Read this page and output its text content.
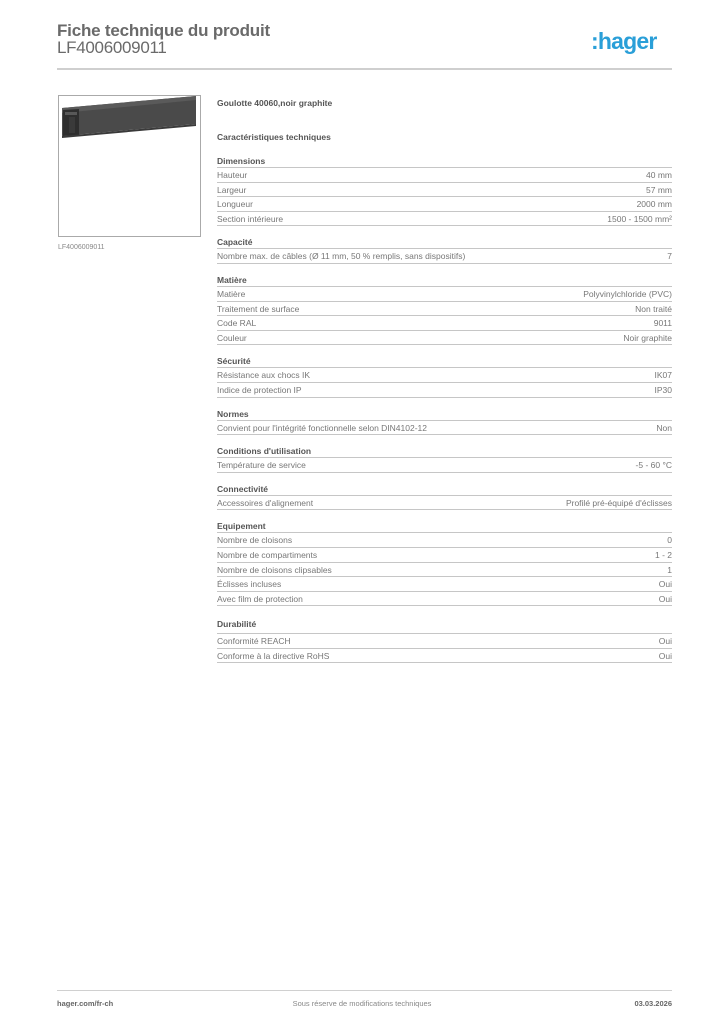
Fiche technique du produit
LF4006009011	:hager
LF4006009011
Goulotte 40060,noir graphite
Caractéristiques techniques
Dimensions
Hauteur	40 mm
Largeur	57 mm
Longueur	2000 mm
Section intérieure	1500 - 1500 mm²
Capacité
Nombre max. de câbles (Ø 11 mm, 50 % remplis, sans dispositifs)	7
Matière
Matière	Polyvinylchloride (PVC)
Traitement de surface	Non traité
Code RAL	9011
Couleur	Noir graphite
Sécurité
Résistance aux chocs IK	IK07
Indice de protection IP	IP30
Normes
Convient pour l'intégrité fonctionnelle selon DIN4102-12	Non
Conditions d'utilisation
Température de service	-5 - 60 °C
Connectivité
Accessoires d'alignement	Profilé pré-équipé d'éclisses
Equipement
Nombre de cloisons	0
Nombre de compartiments	1 - 2
Nombre de cloisons clipsables	1
Éclisses incluses	Oui
Avec film de protection	Oui
Durabilité
Conformité REACH	Oui
Conforme à la directive RoHS	Oui
hager.com/fr-ch	Sous réserve de modifications techniques	03.03.2026
